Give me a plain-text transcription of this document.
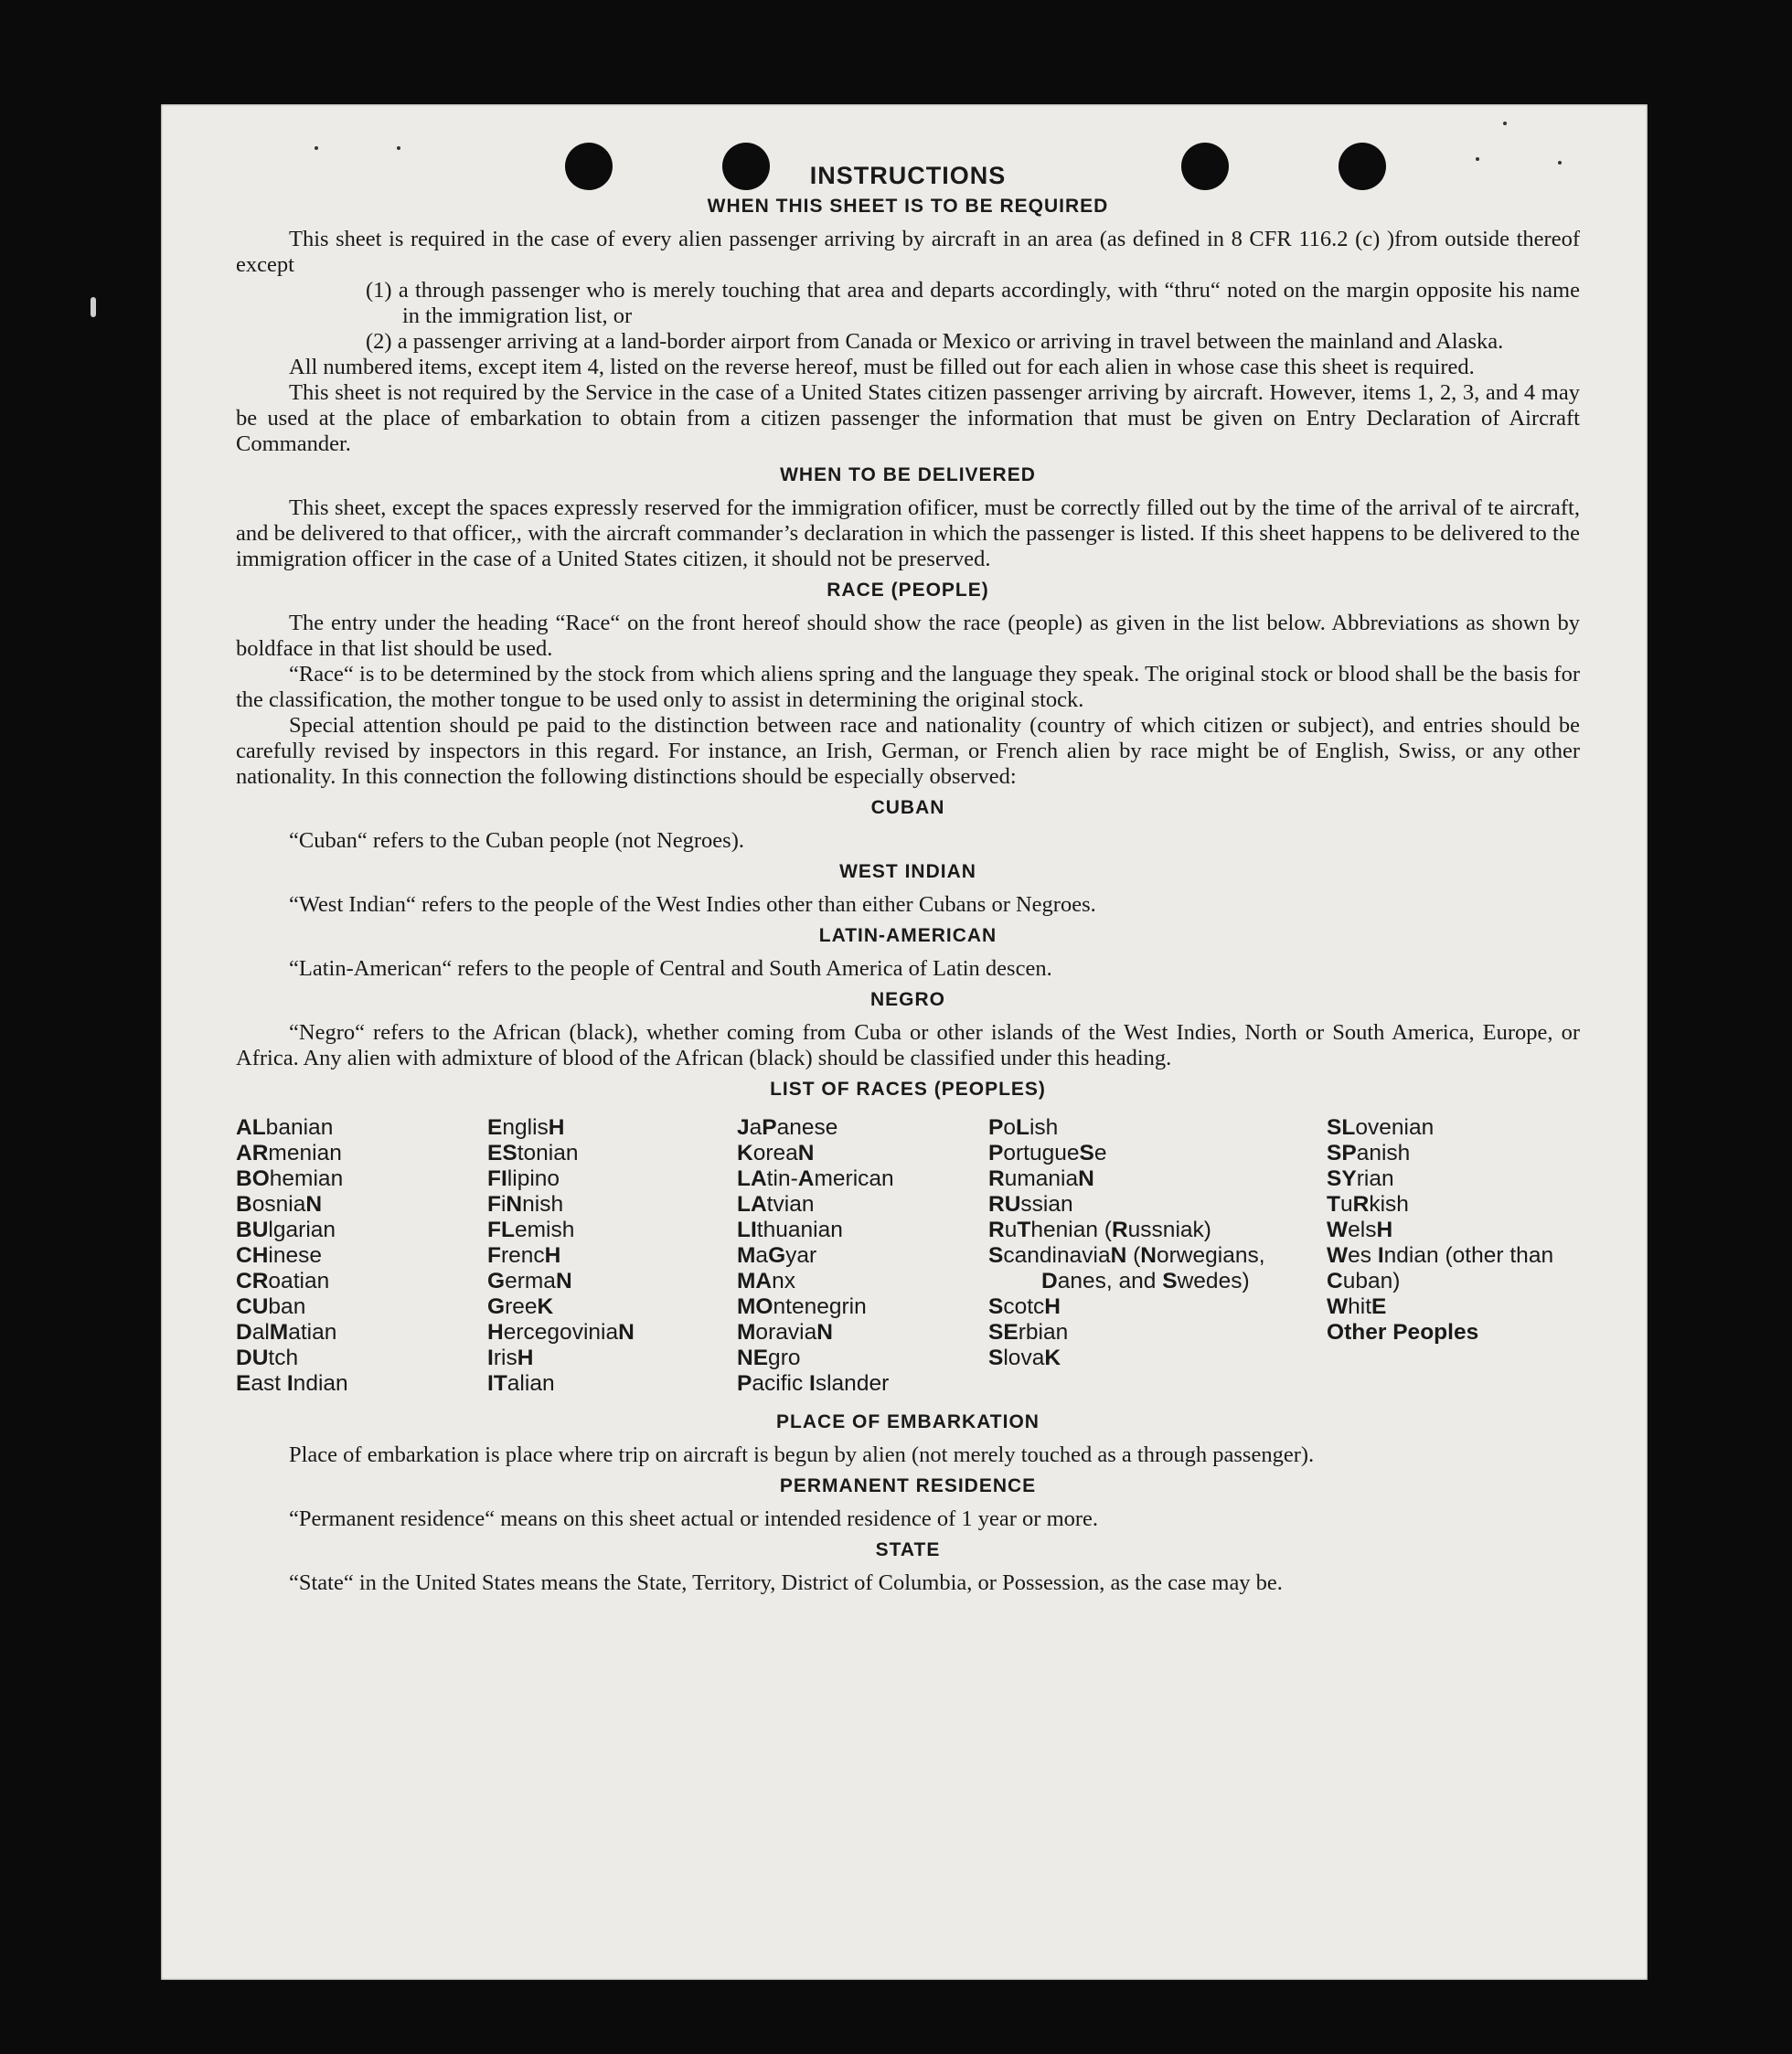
INSTRUCTIONS
WHEN THIS SHEET IS TO BE REQUIRED

This sheet is required in the case of every alien passenger arriving by aircraft in an area (as defined in 8 CFR 116.2 (c) )from outside thereof except

(1) a through passenger who is merely touching that area and departs accordingly, with “thru“ noted on the margin opposite his name in the immigration list, or

(2) a passenger arriving at a land-border airport from Canada or Mexico or arriving in travel between the mainland and Alaska.

All numbered items, except item 4, listed on the reverse hereof, must be filled out for each alien in whose case this sheet is required.

This sheet is not required by the Service in the case of a United States citizen passenger arriving by aircraft. However, items 1, 2, 3, and 4 may be used at the place of embarkation to obtain from a citizen passenger the information that must be given on Entry Declaration of Aircraft Commander.

WHEN TO BE DELIVERED

This sheet, except the spaces expressly reserved for the immigration ofificer, must be correctly filled out by the time of the arrival of te aircraft, and be delivered to that officer,, with the aircraft commander’s declaration in which the passenger is listed. If this sheet happens to be delivered to the immigration officer in the case of a United States citizen, it should not be preserved.

RACE (PEOPLE)

The entry under the heading “Race“ on the front hereof should show the race (people) as given in the list below. Abbreviations as shown by boldface in that list should be used.

“Race“ is to be determined by the stock from which aliens spring and the language they speak. The original stock or blood shall be the basis for the classification, the mother tongue to be used only to assist in determining the original stock.

Special attention should pe paid to the distinction between race and nationality (country of which citizen or subject), and entries should be carefully revised by inspectors in this regard. For instance, an Irish, German, or French alien by race might be of English, Swiss, or any other nationality. In this connection the following distinctions should be especially observed:

CUBAN

“Cuban“ refers to the Cuban people (not Negroes).

WEST INDIAN

“West Indian“ refers to the people of the West Indies other than either Cubans or Negroes.

LATIN-AMERICAN

“Latin-American“ refers to the people of Central and South America of Latin descen.

NEGRO

“Negro“ refers to the African (black), whether coming from Cuba or other islands of the West Indies, North or South America, Europe, or Africa. Any alien with admixture of blood of the African (black) should be classified under this heading.

LIST OF RACES (PEOPLES)
ALbanian
ARmenian
BOhemian
BosniaN
BUlgarian
CHinese
CRoatian
CUban
DalMatian
DUtch
East Indian
EnglisH
EStonian
FIlipino
FiNnish
FLemish
FrencH
GermaN
GreeK
HercegoviniaN
IrisH
ITalian
JaPanese
KoreaN
LAtin-American
LAtvian
LIthuanian
MaGyar
MAnx
MOntenegrin
MoraviaN
NEgro
Pacific Islander
PoLish
PortugueSe
RumaniaN
RUssian
RuThenian (Russniak)
ScandinaviaN (Norwegians, Danes, and Swedes)
ScotcH
SErbian
SlovaK
SLovenian
SPanish
SYrian
TuRkish
WelsH
Wes Indian (other than Cuban)
WhitE
Other Peoples
PLACE OF EMBARKATION

Place of embarkation is place where trip on aircraft is begun by alien (not merely touched as a through passenger).

PERMANENT RESIDENCE

“Permanent residence“ means on this sheet actual or intended residence of 1 year or more.

STATE

“State“ in the United States means the State, Territory, District of Columbia, or Possession, as the case may be.
